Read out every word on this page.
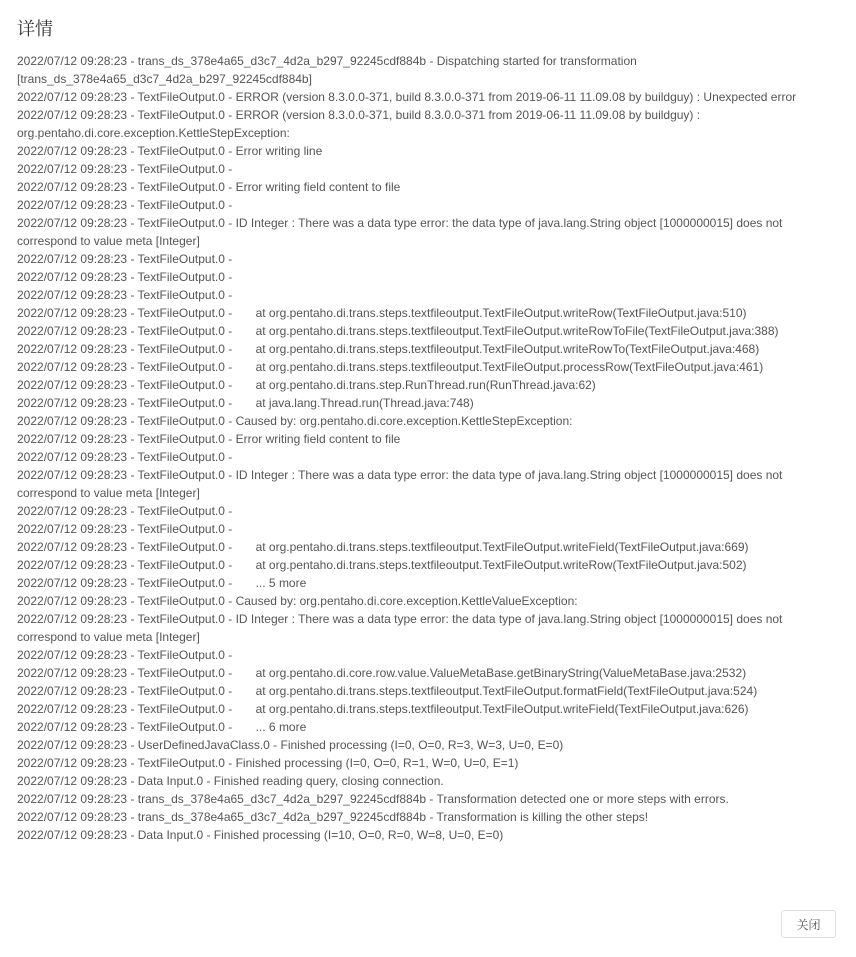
详情
2022/07/12 09:28:23 - trans_ds_378e4a65_d3c7_4d2a_b297_92245cdf884b - Dispatching started for transformation [trans_ds_378e4a65_d3c7_4d2a_b297_92245cdf884b]
2022/07/12 09:28:23 - TextFileOutput.0 - ERROR (version 8.3.0.0-371, build 8.3.0.0-371 from 2019-06-11 11.09.08 by buildguy) : Unexpected error
2022/07/12 09:28:23 - TextFileOutput.0 - ERROR (version 8.3.0.0-371, build 8.3.0.0-371 from 2019-06-11 11.09.08 by buildguy) : org.pentaho.di.core.exception.KettleStepException:
2022/07/12 09:28:23 - TextFileOutput.0 - Error writing line
2022/07/12 09:28:23 - TextFileOutput.0 -
2022/07/12 09:28:23 - TextFileOutput.0 - Error writing field content to file
2022/07/12 09:28:23 - TextFileOutput.0 -
2022/07/12 09:28:23 - TextFileOutput.0 - ID Integer : There was a data type error: the data type of java.lang.String object [1000000015] does not correspond to value meta [Integer]
2022/07/12 09:28:23 - TextFileOutput.0 -
2022/07/12 09:28:23 - TextFileOutput.0 -
2022/07/12 09:28:23 - TextFileOutput.0 -
2022/07/12 09:28:23 - TextFileOutput.0 -       at org.pentaho.di.trans.steps.textfileoutput.TextFileOutput.writeRow(TextFileOutput.java:510)
2022/07/12 09:28:23 - TextFileOutput.0 -       at org.pentaho.di.trans.steps.textfileoutput.TextFileOutput.writeRowToFile(TextFileOutput.java:388)
2022/07/12 09:28:23 - TextFileOutput.0 -       at org.pentaho.di.trans.steps.textfileoutput.TextFileOutput.writeRowTo(TextFileOutput.java:468)
2022/07/12 09:28:23 - TextFileOutput.0 -       at org.pentaho.di.trans.steps.textfileoutput.TextFileOutput.processRow(TextFileOutput.java:461)
2022/07/12 09:28:23 - TextFileOutput.0 -       at org.pentaho.di.trans.step.RunThread.run(RunThread.java:62)
2022/07/12 09:28:23 - TextFileOutput.0 -       at java.lang.Thread.run(Thread.java:748)
2022/07/12 09:28:23 - TextFileOutput.0 - Caused by: org.pentaho.di.core.exception.KettleStepException:
2022/07/12 09:28:23 - TextFileOutput.0 - Error writing field content to file
2022/07/12 09:28:23 - TextFileOutput.0 -
2022/07/12 09:28:23 - TextFileOutput.0 - ID Integer : There was a data type error: the data type of java.lang.String object [1000000015] does not correspond to value meta [Integer]
2022/07/12 09:28:23 - TextFileOutput.0 -
2022/07/12 09:28:23 - TextFileOutput.0 -
2022/07/12 09:28:23 - TextFileOutput.0 -       at org.pentaho.di.trans.steps.textfileoutput.TextFileOutput.writeField(TextFileOutput.java:669)
2022/07/12 09:28:23 - TextFileOutput.0 -       at org.pentaho.di.trans.steps.textfileoutput.TextFileOutput.writeRow(TextFileOutput.java:502)
2022/07/12 09:28:23 - TextFileOutput.0 -       ... 5 more
2022/07/12 09:28:23 - TextFileOutput.0 - Caused by: org.pentaho.di.core.exception.KettleValueException:
2022/07/12 09:28:23 - TextFileOutput.0 - ID Integer : There was a data type error: the data type of java.lang.String object [1000000015] does not correspond to value meta [Integer]
2022/07/12 09:28:23 - TextFileOutput.0 -
2022/07/12 09:28:23 - TextFileOutput.0 -       at org.pentaho.di.core.row.value.ValueMetaBase.getBinaryString(ValueMetaBase.java:2532)
2022/07/12 09:28:23 - TextFileOutput.0 -       at org.pentaho.di.trans.steps.textfileoutput.TextFileOutput.formatField(TextFileOutput.java:524)
2022/07/12 09:28:23 - TextFileOutput.0 -       at org.pentaho.di.trans.steps.textfileoutput.TextFileOutput.writeField(TextFileOutput.java:626)
2022/07/12 09:28:23 - TextFileOutput.0 -       ... 6 more
2022/07/12 09:28:23 - UserDefinedJavaClass.0 - Finished processing (I=0, O=0, R=3, W=3, U=0, E=0)
2022/07/12 09:28:23 - TextFileOutput.0 - Finished processing (I=0, O=0, R=1, W=0, U=0, E=1)
2022/07/12 09:28:23 - Data Input.0 - Finished reading query, closing connection.
2022/07/12 09:28:23 - trans_ds_378e4a65_d3c7_4d2a_b297_92245cdf884b - Transformation detected one or more steps with errors.
2022/07/12 09:28:23 - trans_ds_378e4a65_d3c7_4d2a_b297_92245cdf884b - Transformation is killing the other steps!
2022/07/12 09:28:23 - Data Input.0 - Finished processing (I=10, O=0, R=0, W=8, U=0, E=0)
关闭
